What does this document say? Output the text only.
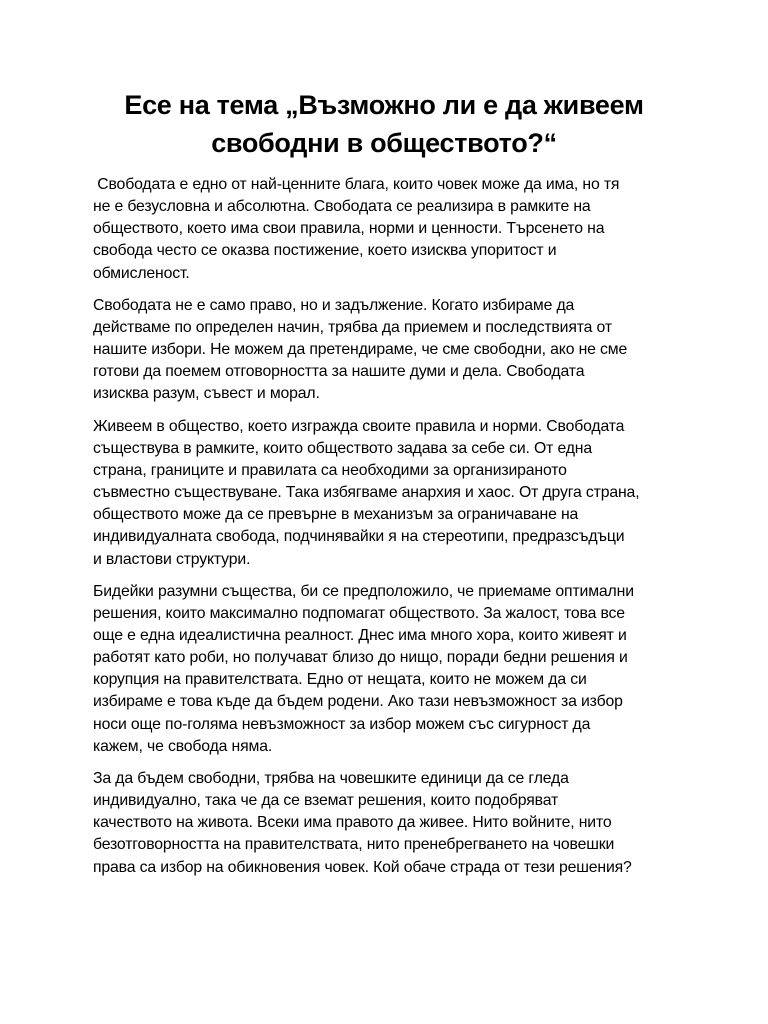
Есе на тема „Възможно ли е да живеем
свободни в обществото?“
Свободата е едно от най-ценните блага, които човек може да има, но тя
не е безусловна и абсолютна. Свободата се реализира в рамките на
обществото, което има свои правила, норми и ценности. Търсенето на
свобода често се оказва постижение, което изисква упоритост и
обмисленост.
Свободата не е само право, но и задължение. Когато избираме да
действаме по определен начин, трябва да приемем и последствията от
нашите избори. Не можем да претендираме, че сме свободни, ако не сме
готови да поемем отговорността за нашите думи и дела. Свободата
изисква разум, съвест и морал.
Живеем в общество, което изгражда своите правила и норми. Свободата
съществува в рамките, които обществото задава за себе си. От една
страна, границите и правилата са необходими за организираното
съвместно съществуване. Така избягваме анархия и хаос. От друга страна,
обществото може да се превърне в механизъм за ограничаване на
индивидуалната свобода, подчинявайки я на стереотипи, предразсъдъци
и властови структури.
Бидейки разумни същества, би се предположило, че приемаме оптимални
решения, които максимално подпомагат обществото. За жалост, това все
още е една идеалистична реалност. Днес има много хора, които живеят и
работят като роби, но получават близо до нищо, поради бедни решения и
корупция на правителствата. Едно от нещата, които не можем да си
избираме е това къде да бъдем родени. Ако тази невъзможност за избор
носи още по-голяма невъзможност за избор можем със сигурност да
кажем, че свобода няма.
За да бъдем свободни, трябва на човешките единици да се гледа
индивидуално, така че да се вземат решения, които подобряват
качеството на живота. Всеки има правото да живее. Нито войните, нито
безотговорността на правителствата, нито пренебрегването на човешки
права са избор на обикновения човек. Кой обаче страда от тези решения?
